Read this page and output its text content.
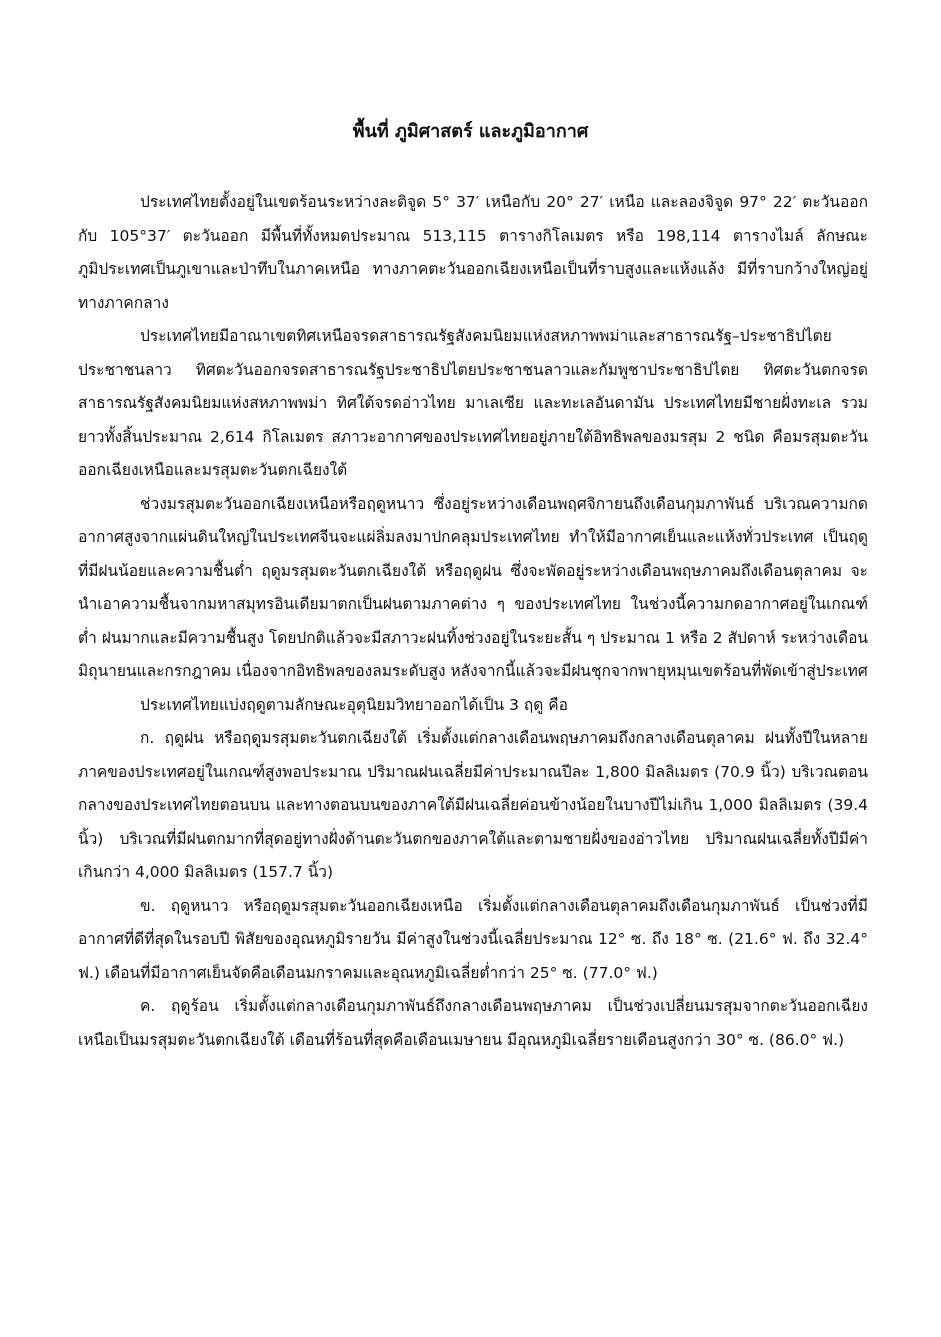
พื้นที่ ภูมิศาสตร์ และภูมิอากาศ

ประเทศไทยตั้งอยู่ในเขตร้อนระหว่างละติจูด 5° 37′ เหนือกับ 20° 27′ เหนือ และลองจิจูด 97° 22′ ตะวันออกกับ 105°37′ ตะวันออก มีพื้นที่ทั้งหมดประมาณ 513,115 ตารางกิโลเมตร หรือ 198,114 ตารางไมล์ ลักษณะภูมิประเทศเป็นภูเขาและป่าทึบในภาคเหนือ ทางภาคตะวันออกเฉียงเหนือเป็นที่ราบสูงและแห้งแล้ง มีที่ราบกว้างใหญ่อยู่ทางภาคกลาง

ประเทศไทยมีอาณาเขตทิศเหนือจรดสาธารณรัฐสังคมนิยมแห่งสหภาพพม่าและสาธารณรัฐ–ประชาธิปไตยประชาชนลาว ทิศตะวันออกจรดสาธารณรัฐประชาธิปไตยประชาชนลาวและกัมพูชาประชาธิปไตย ทิศตะวันตกจรดสาธารณรัฐสังคมนิยมแห่งสหภาพพม่า ทิศใต้จรดอ่าวไทย มาเลเซีย และทะเลอันดามัน ประเทศไทยมีชายฝั่งทะเล รวมยาวทั้งสิ้นประมาณ 2,614 กิโลเมตร สภาวะอากาศของประเทศไทยอยู่ภายใต้อิทธิพลของมรสุม 2 ชนิด คือมรสุมตะวันออกเฉียงเหนือและมรสุมตะวันตกเฉียงใต้

ช่วงมรสุมตะวันออกเฉียงเหนือหรือฤดูหนาว ซึ่งอยู่ระหว่างเดือนพฤศจิกายนถึงเดือนกุมภาพันธ์ บริเวณความกดอากาศสูงจากแผ่นดินใหญ่ในประเทศจีนจะแผ่ลิ่มลงมาปกคลุมประเทศไทย ทำให้มีอากาศเย็นและแห้งทั่วประเทศ เป็นฤดูที่มีฝนน้อยและความชื้นต่ำ ฤดูมรสุมตะวันตกเฉียงใต้ หรือฤดูฝน ซึ่งจะพัดอยู่ระหว่างเดือนพฤษภาคมถึงเดือนตุลาคม จะนำเอาความชื้นจากมหาสมุทรอินเดียมาตกเป็นฝนตามภาคต่าง ๆ ของประเทศไทย ในช่วงนี้ความกดอากาศอยู่ในเกณฑ์ต่ำ ฝนมากและมีความชื้นสูง โดยปกติแล้วจะมีสภาวะฝนทิ้งช่วงอยู่ในระยะสั้น ๆ ประมาณ 1 หรือ 2 สัปดาห์ ระหว่างเดือนมิถุนายนและกรกฎาคม เนื่องจากอิทธิพลของลมระดับสูง หลังจากนี้แล้วจะมีฝนชุกจากพายุหมุนเขตร้อนที่พัดเข้าสู่ประเทศ

ประเทศไทยแบ่งฤดูตามลักษณะอุตุนิยมวิทยาออกได้เป็น 3 ฤดู คือ

ก. ฤดูฝน หรือฤดูมรสุมตะวันตกเฉียงใต้ เริ่มตั้งแต่กลางเดือนพฤษภาคมถึงกลางเดือนตุลาคม ฝนทั้งปีในหลายภาคของประเทศอยู่ในเกณฑ์สูงพอประมาณ ปริมาณฝนเฉลี่ยมีค่าประมาณปีละ 1,800 มิลลิเมตร (70.9 นิ้ว) บริเวณตอนกลางของประเทศไทยตอนบน และทางตอนบนของภาคใต้มีฝนเฉลี่ยค่อนข้างน้อยในบางปีไม่เกิน 1,000 มิลลิเมตร (39.4 นิ้ว) บริเวณที่มีฝนตกมากที่สุดอยู่ทางฝั่งด้านตะวันตกของภาคใต้และตามชายฝั่งของอ่าวไทย ปริมาณฝนเฉลี่ยทั้งปีมีค่าเกินกว่า 4,000 มิลลิเมตร (157.7 นิ้ว)

ข. ฤดูหนาว หรือฤดูมรสุมตะวันออกเฉียงเหนือ เริ่มตั้งแต่กลางเดือนตุลาคมถึงเดือนกุมภาพันธ์ เป็นช่วงที่มีอากาศที่ดีที่สุดในรอบปี พิสัยของอุณหภูมิรายวัน มีค่าสูงในช่วงนี้เฉลี่ยประมาณ 12° ซ. ถึง 18° ซ. (21.6° ฟ. ถึง 32.4° ฟ.) เดือนที่มีอากาศเย็นจัดคือเดือนมกราคมและอุณหภูมิเฉลี่ยต่ำกว่า 25° ซ. (77.0° ฟ.)

ค. ฤดูร้อน เริ่มตั้งแต่กลางเดือนกุมภาพันธ์ถึงกลางเดือนพฤษภาคม เป็นช่วงเปลี่ยนมรสุมจากตะวันออกเฉียงเหนือเป็นมรสุมตะวันตกเฉียงใต้ เดือนที่ร้อนที่สุดคือเดือนเมษายน มีอุณหภูมิเฉลี่ยรายเดือนสูงกว่า 30° ซ. (86.0° ฟ.)
